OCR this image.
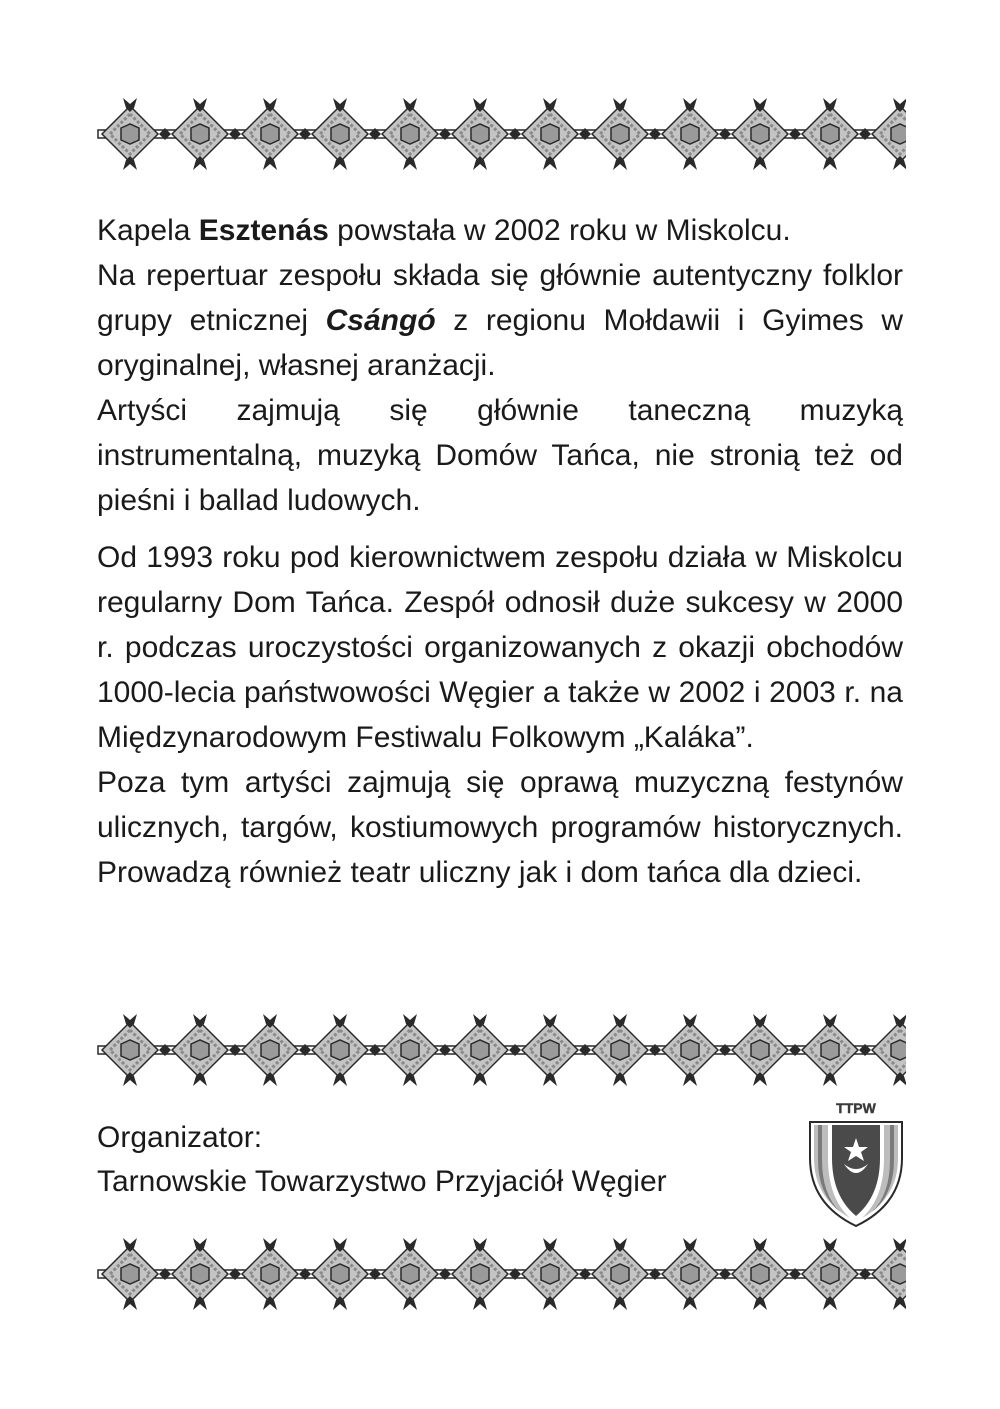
Kapela Esztenás powstała w 2002 roku w Miskolcu.

Na repertuar zespołu składa się głównie autentyczny folklor grupy etnicznej Csángó z regionu Mołdawii i Gyimes w oryginalnej, własnej aranżacji.

Artyści zajmują się głównie taneczną muzyką instrumentalną, muzyką Domów Tańca, nie stronią też od pieśni i ballad ludowych.

Od 1993 roku pod kierownictwem zespołu działa w Miskolcu regularny Dom Tańca. Zespół odnosił duże sukcesy w 2000 r. podczas uroczystości organizowanych z okazji obchodów 1000-lecia państwowości Węgier a także w 2002 i 2003 r. na Międzynarodowym Festiwalu Folkowym „Kaláka”.

Poza tym artyści zajmują się oprawą muzyczną festynów ulicznych, targów, kostiumowych programów historycznych. Prowadzą również teatr uliczny jak i dom tańca dla dzieci.

Organizator:
Tarnowskie Towarzystwo Przyjaciół Węgier
TTPW
